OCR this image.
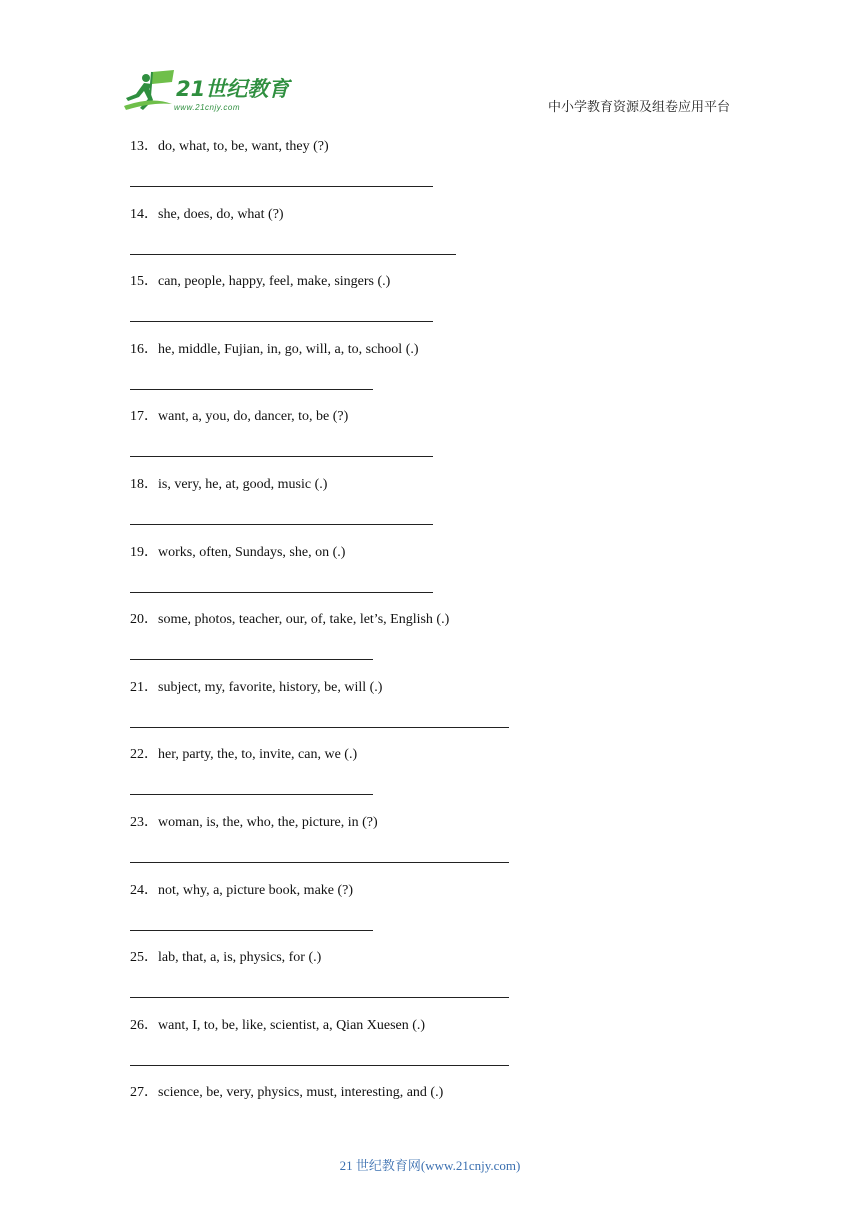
21世纪教育
www.21cnjy.com	中小学教育资源及组卷应用平台
13．do, what, to, be, want, they (?)
14．she, does, do, what (?)
15．can, people, happy, feel, make, singers (.)
16．he, middle, Fujian, in, go, will, a, to, school (.)
17．want, a, you, do, dancer, to, be (?)
18．is, very, he, at, good, music (.)
19．works, often, Sundays, she, on (.)
20．some, photos, teacher, our, of, take, let’s, English (.)
21．subject, my, favorite, history, be, will (.)
22．her, party, the, to, invite, can, we (.)
23．woman, is, the, who, the, picture, in (?)
24．not, why, a, picture book, make (?)
25．lab, that, a, is, physics, for (.)
26．want, I, to, be, like, scientist, a, Qian Xuesen (.)
27．science, be, very, physics, must, interesting, and (.)
21 世纪教育网(www.21cnjy.com)
